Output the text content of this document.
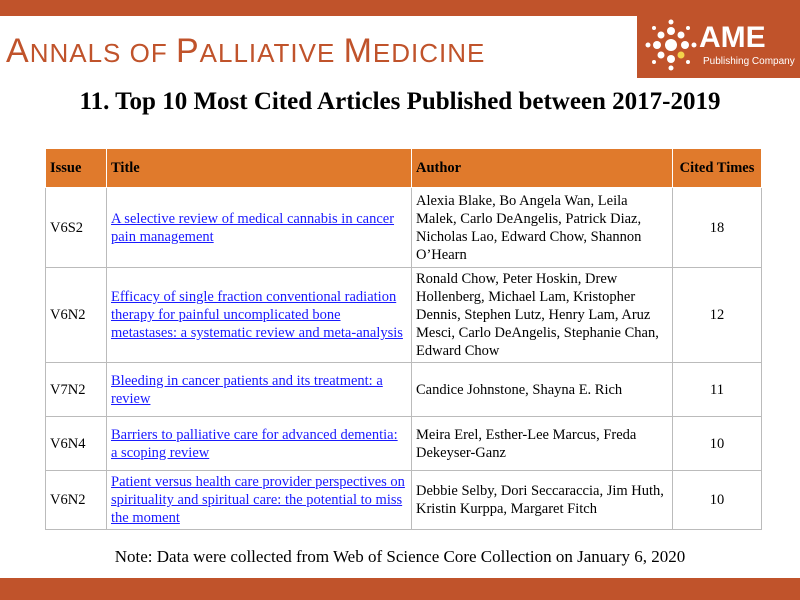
ANNALS OF PALLIATIVE MEDICINE	AME
Publishing Company
11. Top 10 Most Cited Articles Published between 2017-2019
Issue	Title	Author	Cited Times
V6S2	A selective review of medical cannabis in cancer pain management	Alexia Blake, Bo Angela Wan, Leila Malek, Carlo DeAngelis, Patrick Diaz, Nicholas Lao, Edward Chow, Shannon O’Hearn	18
V6N2	Efficacy of single fraction conventional radiation therapy for painful uncomplicated bone metastases: a systematic review and meta-analysis	Ronald Chow, Peter Hoskin, Drew Hollenberg, Michael Lam, Kristopher Dennis, Stephen Lutz, Henry Lam, Aruz Mesci, Carlo DeAngelis, Stephanie Chan, Edward Chow	12
V7N2	Bleeding in cancer patients and its treatment: a review	Candice Johnstone, Shayna E. Rich	11
V6N4	Barriers to palliative care for advanced dementia: a scoping review	Meira Erel, Esther-Lee Marcus, Freda Dekeyser-Ganz	10
V6N2	Patient versus health care provider perspectives on spirituality and spiritual care: the potential to miss the moment	Debbie Selby, Dori Seccaraccia, Jim Huth, Kristin Kurppa, Margaret Fitch	10
Note: Data were collected from Web of Science Core Collection on January 6, 2020
